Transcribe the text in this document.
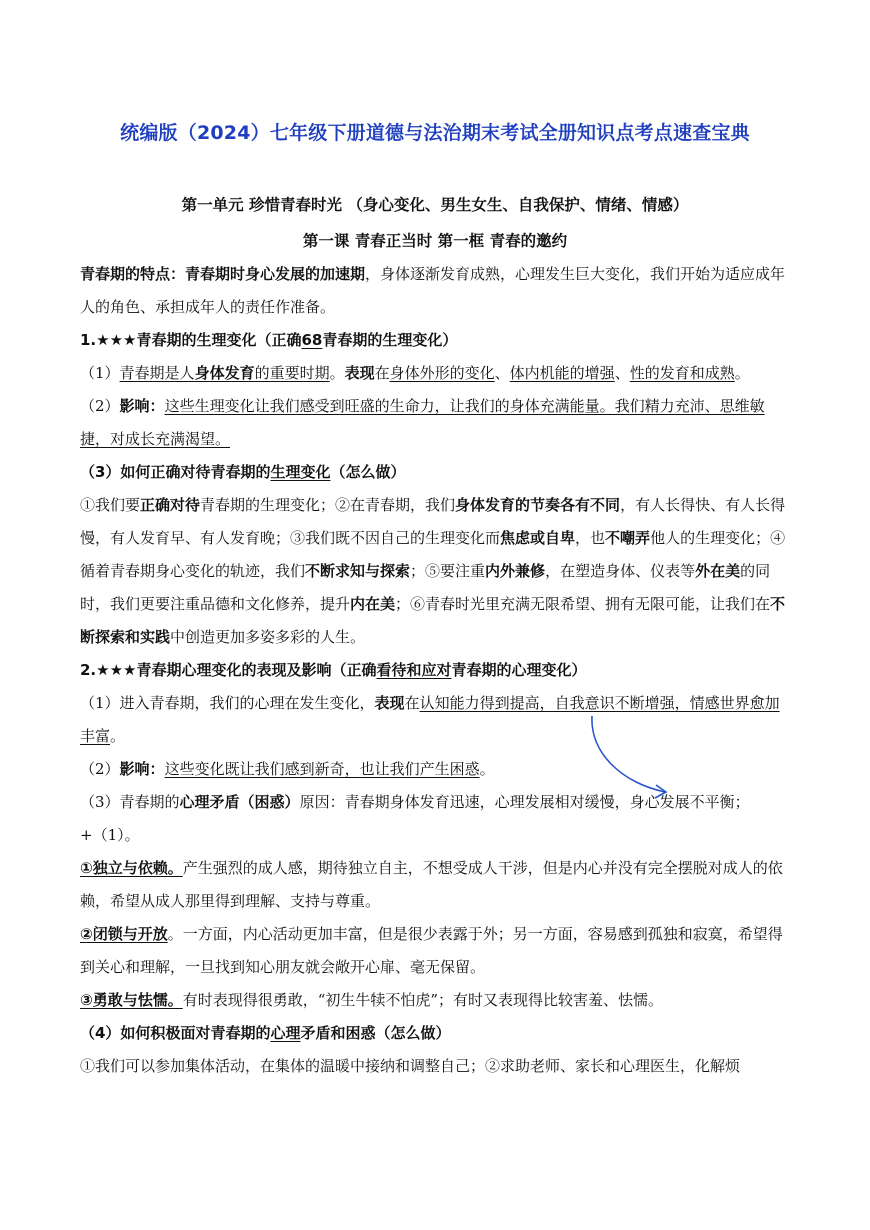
统编版（2024）七年级下册道德与法治期末考试全册知识点考点速查宝典
第一单元 珍惜青春时光 （身心变化、男生女生、自我保护、情绪、情感）
第一课 青春正当时 第一框 青春的邀约

青春期的特点：青春期时身心发展的加速期，身体逐渐发育成熟，心理发生巨大变化，我们开始为适应成年人的角色、承担成年人的责任作准备。

1.★★★青春期的生理变化（正确68青春期的生理变化）

（1）青春期是人身体发育的重要时期。表现在身体外形的变化、体内机能的增强、性的发育和成熟。

（2）影响：这些生理变化让我们感受到旺盛的生命力，让我们的身体充满能量。我们精力充沛、思维敏捷，对成长充满渴望。

（3）如何正确对待青春期的生理变化（怎么做）

①我们要正确对待青春期的生理变化；②在青春期，我们身体发育的节奏各有不同，有人长得快、有人长得慢，有人发育早、有人发育晚；③我们既不因自己的生理变化而焦虑或自卑，也不嘲弄他人的生理变化；④循着青春期身心变化的轨迹，我们不断求知与探索；⑤要注重内外兼修，在塑造身体、仪表等外在美的同时，我们更要注重品德和文化修养，提升内在美；⑥青春时光里充满无限希望、拥有无限可能，让我们在不断探索和实践中创造更加多姿多彩的人生。

2.★★★青春期心理变化的表现及影响（正确看待和应对青春期的心理变化）

（1）进入青春期，我们的心理在发生变化，表现在认知能力得到提高，自我意识不断增强，情感世界愈加丰富。

（2）影响：这些变化既让我们感到新奇，也让我们产生困惑。

（3）青春期的心理矛盾（困惑）原因：青春期身体发育迅速，心理发展相对缓慢，身心发展不平衡；+（1）。

①独立与依赖。产生强烈的成人感，期待独立自主，不想受成人干涉，但是内心并没有完全摆脱对成人的依赖，希望从成人那里得到理解、支持与尊重。

②闭锁与开放。一方面，内心活动更加丰富，但是很少表露于外；另一方面，容易感到孤独和寂寞，希望得到关心和理解，一旦找到知心朋友就会敞开心扉、毫无保留。

③勇敢与怯懦。有时表现得很勇敢，“初生牛犊不怕虎”；有时又表现得比较害羞、怯懦。

（4）如何积极面对青春期的心理矛盾和困惑（怎么做）

①我们可以参加集体活动，在集体的温暖中接纳和调整自己；②求助老师、家长和心理医生，化解烦
